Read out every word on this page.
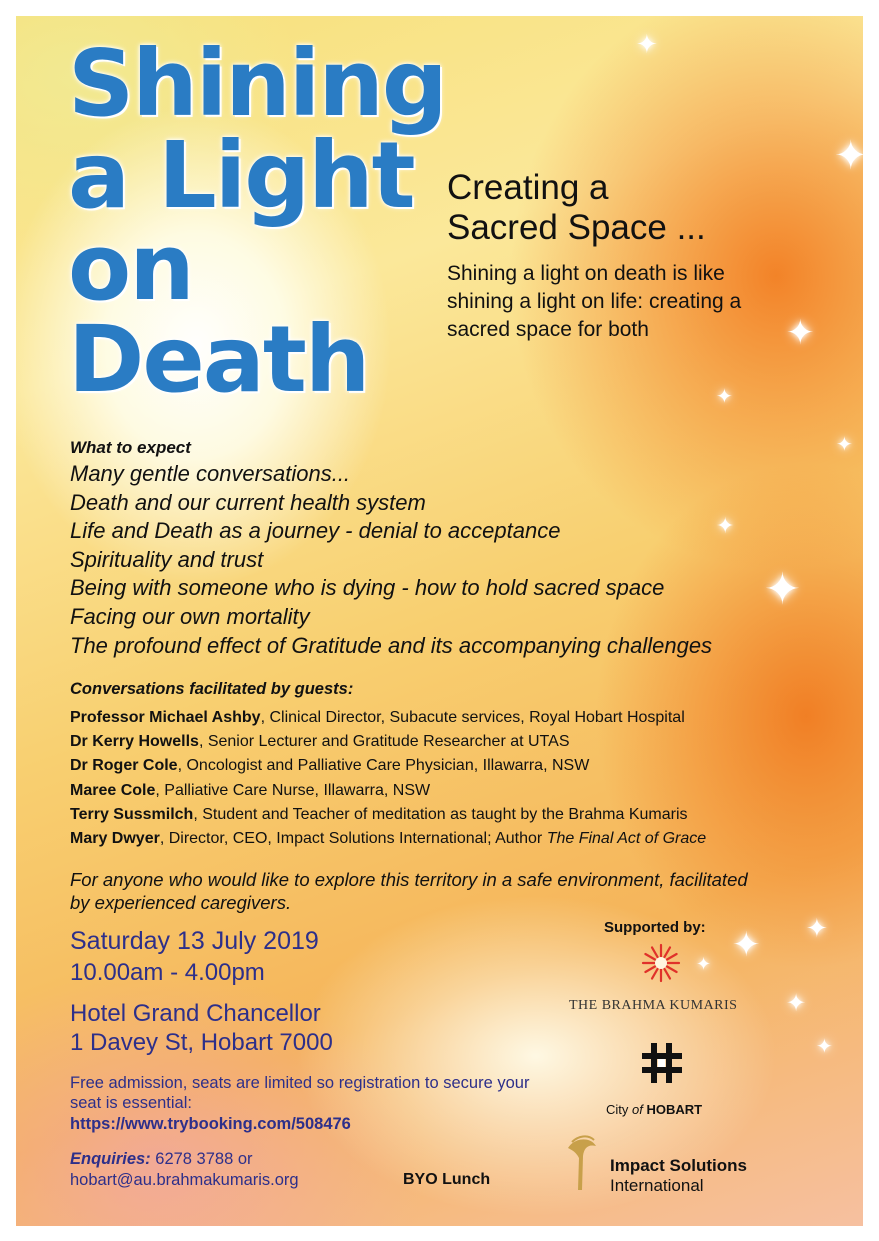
✦
✦
✦
✦
✦
✦
✦
✦
✦
✦
✦
✦
Shining
a Light
on
Death
Creating a
Sacred Space ...

Shining a light on death is like shining a light on life: creating a sacred space for both

What to expect
Many gentle conversations...
Death and our current health system
Life and Death as a journey - denial to acceptance
Spirituality and trust
Being with someone who is dying - how to hold sacred space
Facing our own mortality
The profound effect of Gratitude and its accompanying challenges
Conversations facilitated by guests:
Professor Michael Ashby, Clinical Director, Subacute services, Royal Hobart Hospital
Dr Kerry Howells, Senior Lecturer and Gratitude Researcher at UTAS
Dr Roger Cole, Oncologist and Palliative Care Physician, Illawarra, NSW
Maree Cole, Palliative Care Nurse, Illawarra, NSW
Terry Sussmilch, Student and Teacher of meditation as taught by the Brahma Kumaris
Mary Dwyer, Director, CEO, Impact Solutions International; Author The Final Act of Grace

For anyone who would like to explore this territory in a safe environment, facilitated by experienced caregivers.

Saturday 13 July 2019
10.00am - 4.00pm
Hotel Grand Chancellor
1 Davey St, Hobart 7000

Free admission, seats are limited so registration to secure your seat is essential:

https://www.trybooking.com/508476
Enquiries: 6278 3788 or
hobart@au.brahmakumaris.org	BYO Lunch
Supported by:
THE BRAHMA KUMARIS
City of HOBART
Impact Solutions
International
